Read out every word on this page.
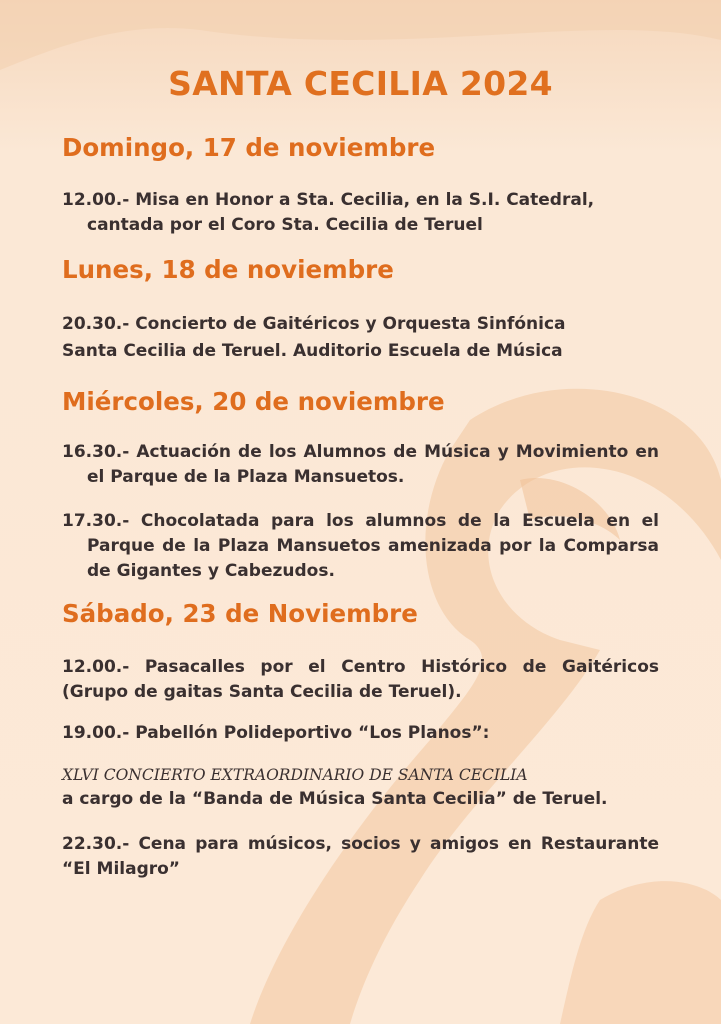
SANTA CECILIA 2024
Domingo, 17 de noviembre

12.00.- Misa en Honor a Sta. Cecilia, en la S.I. Catedral, cantada por el Coro Sta. Cecilia de Teruel

Lunes, 18 de noviembre

20.30.- Concierto de Gaitéricos y Orquesta Sinfónica

Santa Cecilia de Teruel. Auditorio Escuela de Música

Miércoles, 20 de noviembre

16.30.- Actuación de los Alumnos de Música y Movimiento en el Parque de la Plaza Mansuetos.

17.30.- Chocolatada para los alumnos de la Escuela en el Parque de la Plaza Mansuetos amenizada por la Comparsa de Gigantes y Cabezudos.

Sábado, 23 de Noviembre

12.00.- Pasacalles por el Centro Histórico de Gaitéricos (Grupo de gaitas Santa Cecilia de Teruel).

19.00.- Pabellón Polideportivo “Los Planos”:

XLVI CONCIERTO EXTRAORDINARIO DE SANTA CECILIA

a cargo de la “Banda de Música Santa Cecilia” de Teruel.

22.30.- Cena para músicos, socios y amigos en Restaurante “El Milagro”
